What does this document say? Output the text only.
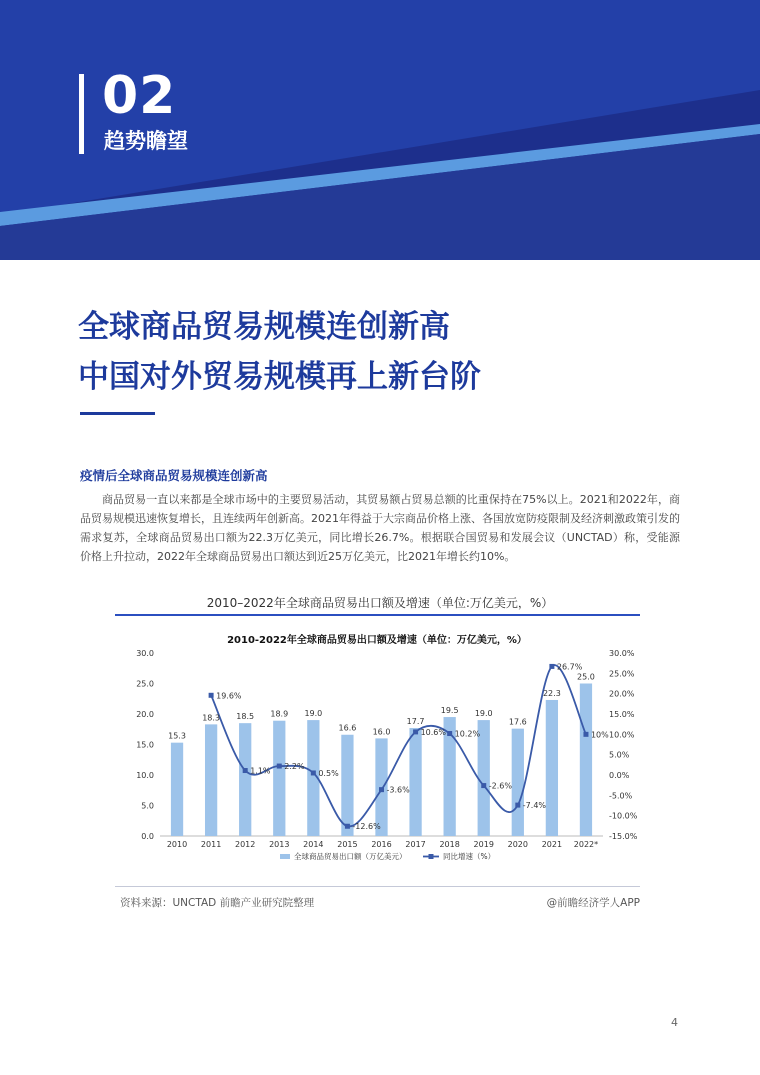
02
趋势瞻望
全球商品贸易规模连创新高
中国对外贸易规模再上新台阶
疫情后全球商品贸易规模连创新高
商品贸易一直以来都是全球市场中的主要贸易活动，其贸易额占贸易总额的比重保持在75%以上。2021和2022年，商品贸易规模迅速恢复增长，且连续两年创新高。2021年得益于大宗商品价格上涨、各国放宽防疫限制及经济刺激政策引发的需求复苏，全球商品贸易出口额为22.3万亿美元，同比增长26.7%。根据联合国贸易和发展会议（UNCTAD）称，受能源价格上升拉动，2022年全球商品贸易出口额达到近25万亿美元，比2021年增长约10%。
2010–2022年全球商品贸易出口额及增速（单位:万亿美元，%）
2010-2022年全球商品贸易出口额及增速（单位：万亿美元，%）
0.0
5.0
10.0
15.0
20.0
25.0
30.0
-15.0%
-10.0%
-5.0%
0.0%
5.0%
10.0%
15.0%
20.0%
25.0%
30.0%
15.3
2010
18.3
2011
18.5
2012
18.9
2013
19.0
2014
16.6
2015
16.0
2016
17.7
2017
19.5
2018
19.0
2019
17.6
2020
22.3
2021
25.0
2022*
19.6%
1.1% 2.2%
0.5%
-12.6%
-3.6%
10.6% 10.2%
-2.6%
-7.4%
26.7%
10%
全球商品贸易出口额（万亿美元）	同比增速（%）
资料来源：UNCTAD 前瞻产业研究院整理	@前瞻经济学人APP
4
